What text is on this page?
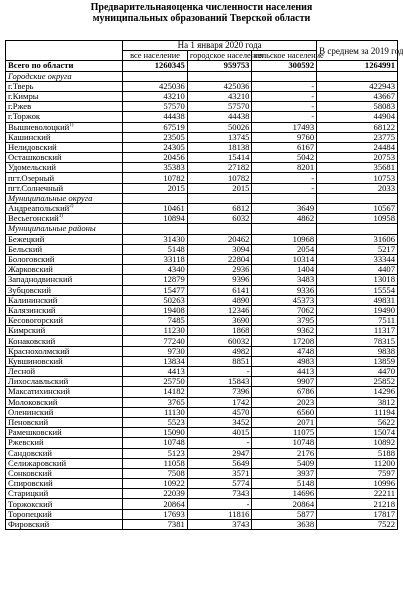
Предварительнаяоценка численности населения
муниципальных образований Тверской области
	На 1 января 2020 года			В среднем за 2019 год
	все население	городское населения	сельское население	
Всего по области	1260345	959753	300592	1264991
Городские округа				
г.Тверь	425036	425036	-	422943
г.Кимры	43210	43210	-	43667
г.Ржев	57570	57570	-	58083
г.Торжок	44438	44438	-	44904
Вышневолоцкий$^{1)}$	67519	50026	17493	68122
Кашинский	23505	13745	9760	23775
Нелидовский	24305	18138	6167	24484
Осташковский	20456	15414	5042	20753
Удомельский	35383	27182	8201	35681
пгт.Озерный	10782	10782	-	10753
пгт.Солнечный	2015	2015	-	2033
Муниципальные округа				
Андреапольский$^{2)}$	10461	6812	3649	10567
Весьегонский$^{3)}$	10894	6032	4862	10958
Муниципальные районы				
Бежецкий	31430	20462	10968	31606
Бельский	5148	3094	2054	5217
Бологовский	33118	22804	10314	33344
Жарковский	4340	2936	1404	4407
Западнодвинский	12879	9396	3483	13018
Зубцовский	15477	6141	9336	15554
Калининский	50263	4890	45373	49831
Калязинский	19408	12346	7062	19490
Кесовогорский	7485	3690	3795	7511
Кимрский	11230	1868	9362	11317
Конаковский	77240	60032	17208	78315
Краснохолмский	9730	4982	4748	9838
Кувшиновский	13834	8851	4983	13859
Лесной	4413	-	4413	4470
Лихославльский	25750	15843	9907	25852
Максатихинский	14182	7396	6786	14296
Молоковский	3765	1742	2023	3812
Оленинский	11130	4570	6560	11194
Пеновский	5523	3452	2071	5622
Рамешковский	15090	4015	11075	15074
Ржевский	10748	-	10748	10892
Сандовский	5123	2947	2176	5188
Селижаровский	11058	5649	5409	11200
Сонковский	7508	3571	3937	7597
Спировский	10922	5774	5148	10996
Старицкий	22039	7343	14696	22211
Торжокский	20864	-	20864	21218
Торопецкий	17693	11816	5877	17817
Фировский	7381	3743	3638	7522
